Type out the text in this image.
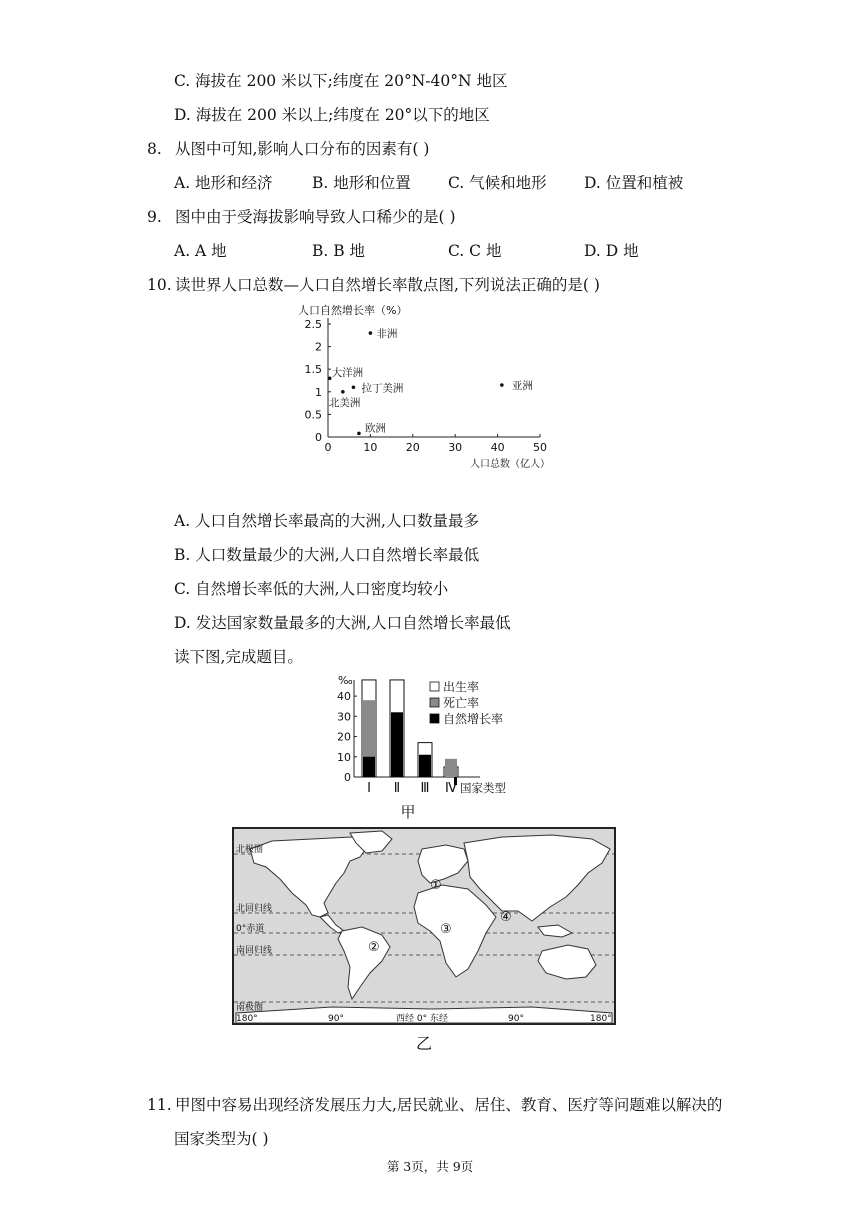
C. 海拔在 200 米以下;纬度在 20°N-40°N 地区
D. 海拔在 200 米以上;纬度在 20°以下的地区
8. 从图中可知,影响人口分布的因素有( )
A. 地形和经济	B. 地形和位置 C. 气候和地形 D. 位置和植被
9. 图中由于受海拔影响导致人口稀少的是( )
A. A 地	B. B 地	C. C 地	D. D 地
10. 读世界人口总数—人口自然增长率散点图,下列说法正确的是( )
0	10	20	30	40	50
0
0.5
1
1.5
2
2.5
人口自然增长率（%）
人口总数（亿人）
非洲
大洋洲
拉丁美洲
北美洲
亚洲
欧洲
A. 人口自然增长率最高的大洲,人口数量最多
B. 人口数量最少的大洲,人口自然增长率最低
C. 自然增长率低的大洲,人口密度均较小
D. 发达国家数量最多的大洲,人口自然增长率最低
读下图,完成题目。
0
10
20
30
40
‰
Ⅰ Ⅱ Ⅲ Ⅳ 国家类型
出生率
死亡率
自然增长率
甲
北极圈
北回归线
0°赤道
南回归线
南极圈
①
②
③
④
180°	90°	西经 0° 东经	90°	180°
乙
11. 甲图中容易出现经济发展压力大,居民就业、居住、教育、医疗等问题难以解决的
国家类型为( )
第 3页，共 9页
